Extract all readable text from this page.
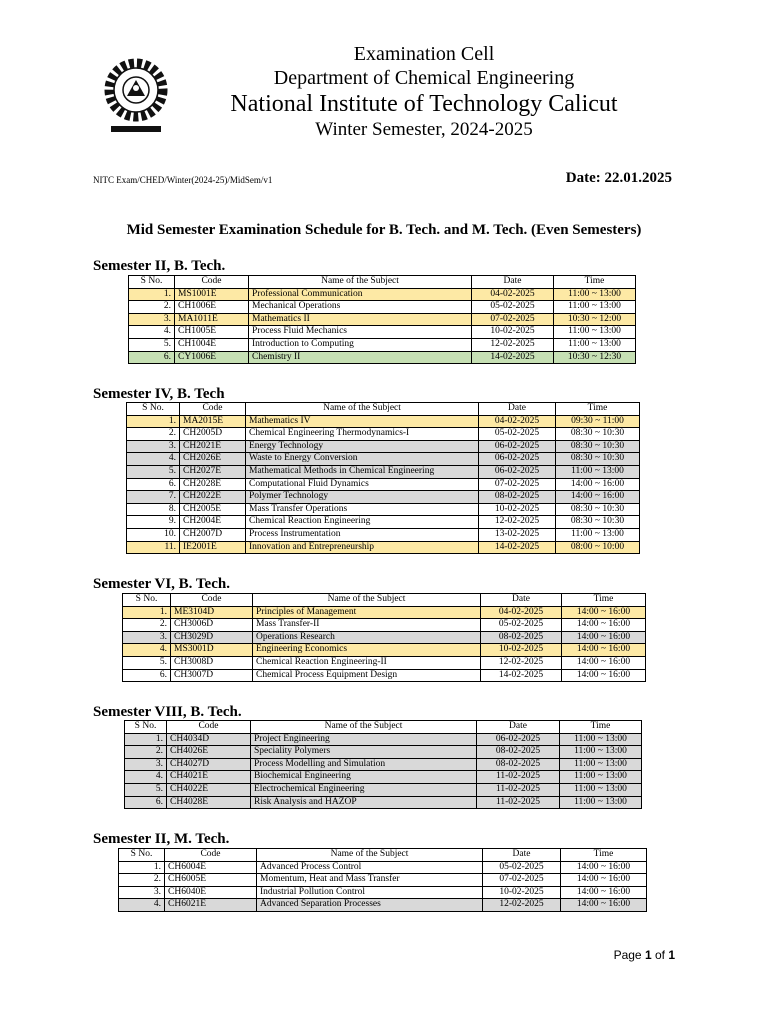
Examination Cell
Department of Chemical Engineering
National Institute of Technology Calicut
Winter Semester, 2024-2025
NITC Exam/CHED/Winter(2024-25)/MidSem/v1	Date: 22.01.2025
Mid Semester Examination Schedule for B. Tech. and M. Tech. (Even Semesters)
Semester II, B. Tech.
S No.	Code	Name of the Subject	Date	Time
1.	MS1001E	Professional Communication	04-02-2025	11:00 ~ 13:00
2.	CH1006E	Mechanical Operations	05-02-2025	11:00 ~ 13:00
3.	MA1011E	Mathematics II	07-02-2025	10:30 ~ 12:00
4.	CH1005E	Process Fluid Mechanics	10-02-2025	11:00 ~ 13:00
5.	CH1004E	Introduction to Computing	12-02-2025	11:00 ~ 13:00
6.	CY1006E	Chemistry II	14-02-2025	10:30 ~ 12:30
Semester IV, B. Tech
S No.	Code	Name of the Subject	Date	Time
1.	MA2015E	Mathematics IV	04-02-2025	09:30 ~ 11:00
2.	CH2005D	Chemical Engineering Thermodynamics-I	05-02-2025	08:30 ~ 10:30
3.	CH2021E	Energy Technology	06-02-2025	08:30 ~ 10:30
4.	CH2026E	Waste to Energy Conversion	06-02-2025	08:30 ~ 10:30
5.	CH2027E	Mathematical Methods in Chemical Engineering	06-02-2025	11:00 ~ 13:00
6.	CH2028E	Computational Fluid Dynamics	07-02-2025	14:00 ~ 16:00
7.	CH2022E	Polymer Technology	08-02-2025	14:00 ~ 16:00
8.	CH2005E	Mass Transfer Operations	10-02-2025	08:30 ~ 10:30
9.	CH2004E	Chemical Reaction Engineering	12-02-2025	08:30 ~ 10:30
10.	CH2007D	Process Instrumentation	13-02-2025	11:00 ~ 13:00
11.	IE2001E	Innovation and Entrepreneurship	14-02-2025	08:00 ~ 10:00
Semester VI, B. Tech.
S No.	Code	Name of the Subject	Date	Time
1.	ME3104D	Principles of Management	04-02-2025	14:00 ~ 16:00
2.	CH3006D	Mass Transfer-II	05-02-2025	14:00 ~ 16:00
3.	CH3029D	Operations Research	08-02-2025	14:00 ~ 16:00
4.	MS3001D	Engineering Economics	10-02-2025	14:00 ~ 16:00
5.	CH3008D	Chemical Reaction Engineering-II	12-02-2025	14:00 ~ 16:00
6.	CH3007D	Chemical Process Equipment Design	14-02-2025	14:00 ~ 16:00
Semester VIII, B. Tech.
S No.	Code	Name of the Subject	Date	Time
1.	CH4034D	Project Engineering	06-02-2025	11:00 ~ 13:00
2.	CH4026E	Speciality Polymers	08-02-2025	11:00 ~ 13:00
3.	CH4027D	Process Modelling and Simulation	08-02-2025	11:00 ~ 13:00
4.	CH4021E	Biochemical Engineering	11-02-2025	11:00 ~ 13:00
5.	CH4022E	Electrochemical Engineering	11-02-2025	11:00 ~ 13:00
6.	CH4028E	Risk Analysis and HAZOP	11-02-2025	11:00 ~ 13:00
Semester II, M. Tech.
S No.	Code	Name of the Subject	Date	Time
1.	CH6004E	Advanced Process Control	05-02-2025	14:00 ~ 16:00
2.	CH6005E	Momentum, Heat and Mass Transfer	07-02-2025	14:00 ~ 16:00
3.	CH6040E	Industrial Pollution Control	10-02-2025	14:00 ~ 16:00
4.	CH6021E	Advanced Separation Processes	12-02-2025	14:00 ~ 16:00
Page 1 of 1
